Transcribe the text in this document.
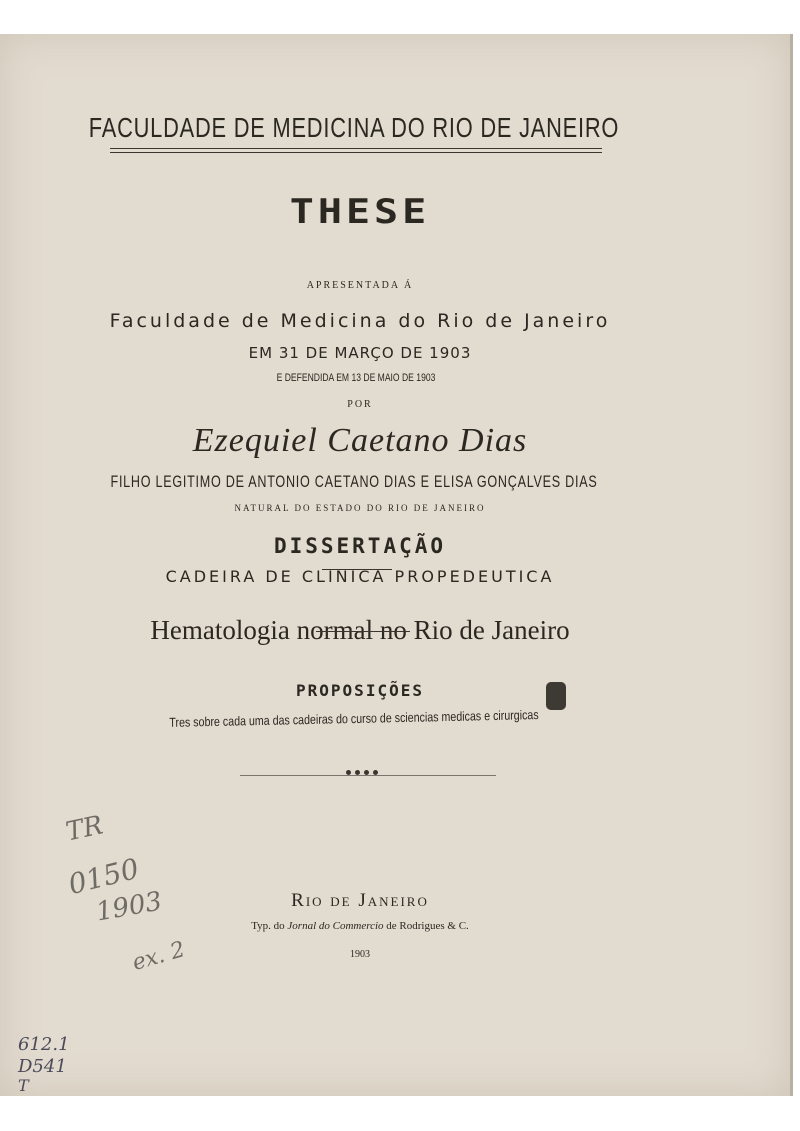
FACULDADE DE MEDICINA DO RIO DE JANEIRO
THESE
APRESENTADA Á
Faculdade de Medicina do Rio de Janeiro
EM 31 DE MARÇO DE 1903
E DEFENDIDA EM 13 DE MAIO DE 1903
POR
Ezequiel Caetano Dias
FILHO LEGITIMO DE ANTONIO CAETANO DIAS E ELISA GONÇALVES DIAS
NATURAL DO ESTADO DO RIO DE JANEIRO
DISSERTAÇÃO
CADEIRA DE CLINICA PROPEDEUTICA
Hematologia normal no Rio de Janeiro
PROPOSIÇÕES
Tres sobre cada uma das cadeiras do curso de sciencias medicas e cirurgicas
Rio de Janeiro
Typ. do Jornal do Commercio de Rodrigues & C.
1903
TR
0150
1903
ex. 2
612.1
D541
T
